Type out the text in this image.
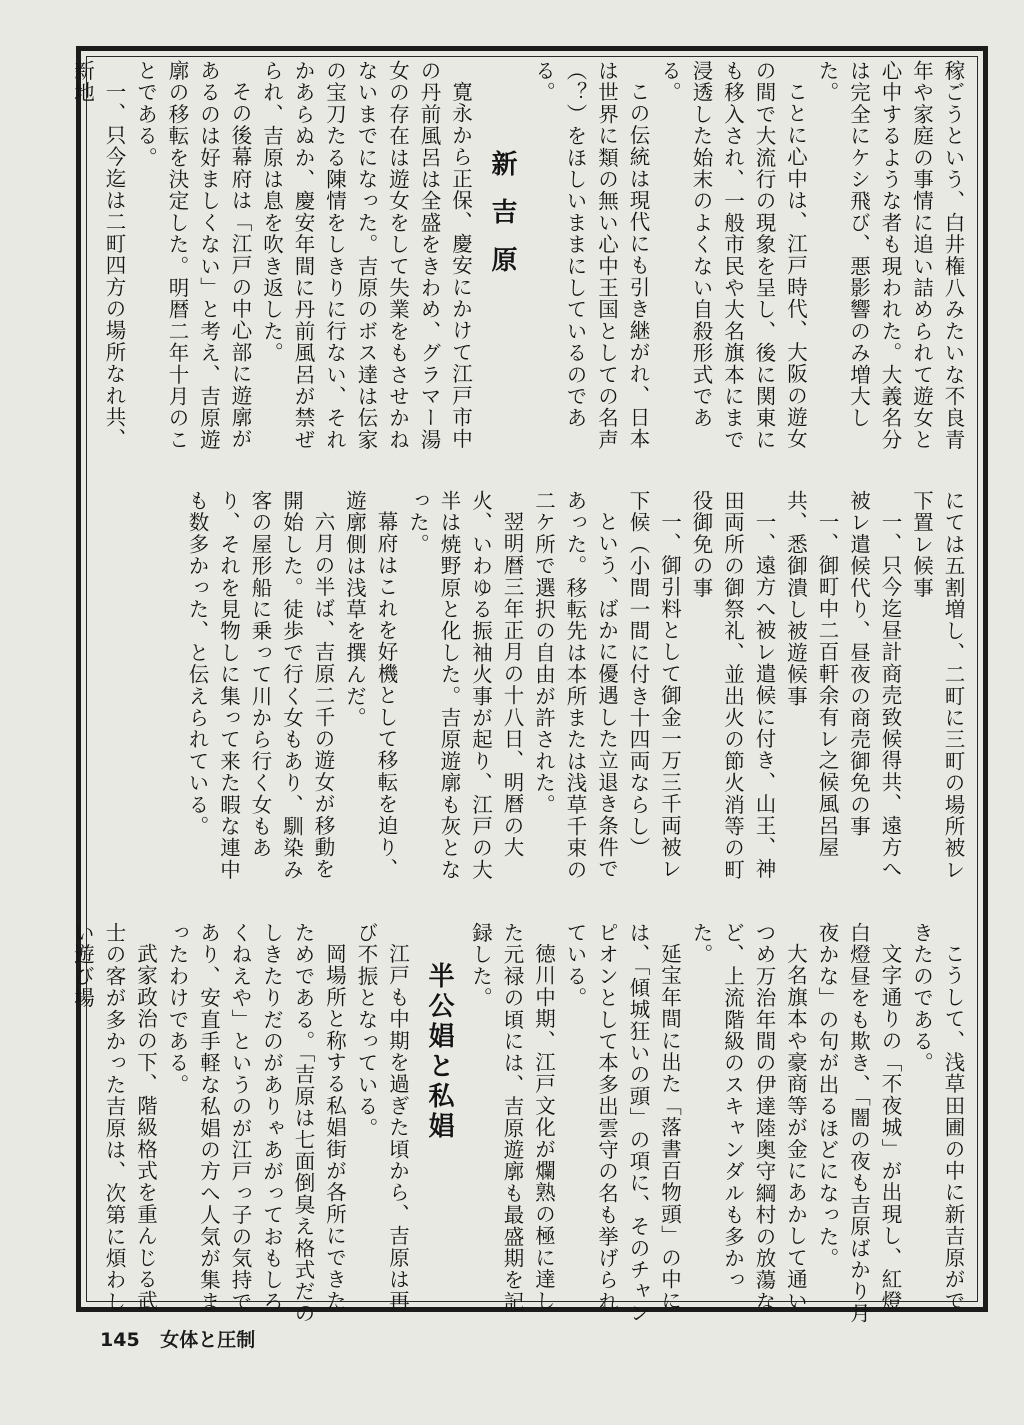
稼ごうという、白井権八みたいな不良青年や家庭の事情に追い詰められて遊女と心中するような者も現われた。大義名分は完全にケシ飛び、悪影響のみ増大した。

ことに心中は、江戸時代、大阪の遊女の間で大流行の現象を呈し、後に関東にも移入され、一般市民や大名旗本にまで浸透した始末のよくない自殺形式である。

この伝統は現代にも引き継がれ、日本は世界に類の無い心中王国としての名声（？）をほしいままにしているのである。

新吉原

寛永から正保、慶安にかけて江戸市中の丹前風呂は全盛をきわめ、グラマー湯女の存在は遊女をして失業をもさせかねないまでになった。吉原のボス達は伝家の宝刀たる陳情をしきりに行ない、それかあらぬか、慶安年間に丹前風呂が禁ぜられ、吉原は息を吹き返した。

その後幕府は「江戸の中心部に遊廓があるのは好ましくない」と考え、吉原遊廓の移転を決定した。明暦二年十月のことである。

一、只今迄は二町四方の場所なれ共、新地

にては五割増し、二町に三町の場所被レ下置レ候事

一、只今迄昼計商売致候得共、遠方へ被レ遣候代り、昼夜の商売御免の事

一、御町中二百軒余有レ之候風呂屋共、悉御潰し被遊候事

一、遠方へ被レ遣候に付き、山王、神田両所の御祭礼、並出火の節火消等の町役御免の事

一、御引料として御金一万三千両被レ下候（小間一間に付き十四両ならし）

という、ばかに優遇した立退き条件であった。移転先は本所または浅草千束の二ケ所で選択の自由が許された。

翌明暦三年正月の十八日、明暦の大火、いわゆる振袖火事が起り、江戸の大半は焼野原と化した。吉原遊廓も灰となった。

幕府はこれを好機として移転を迫り、遊廓側は浅草を撰んだ。

六月の半ば、吉原二千の遊女が移動を開始した。徒歩で行く女もあり、馴染み客の屋形船に乗って川から行く女もあり、それを見物しに集って来た暇な連中も数多かった、と伝えられている。

こうして、浅草田圃の中に新吉原ができたのである。

文字通りの「不夜城」が出現し、紅燈白燈昼をも欺き、「闇の夜も吉原ばかり月夜かな」の句が出るほどになった。

大名旗本や豪商等が金にあかして通いつめ万治年間の伊達陸奥守綱村の放蕩など、上流階級のスキャンダルも多かった。

延宝年間に出た「落書百物頭」の中には、「傾城狂いの頭」の項に、そのチャンピオンとして本多出雲守の名も挙げられている。

徳川中期、江戸文化が爛熟の極に達した元禄の頃には、吉原遊廓も最盛期を記録した。

半公娼と私娼

江戸も中期を過ぎた頃から、吉原は再び不振となっている。

岡場所と称する私娼街が各所にできたためである。「吉原は七面倒臭え格式だのしきたりだのがありゃあがっておもしろくねえや」というのが江戸っ子の気持であり、安直手軽な私娼の方へ人気が集まったわけである。

武家政治の下、階級格式を重んじる武士の客が多かった吉原は、次第に煩わしい遊び場

145 女体と圧制
